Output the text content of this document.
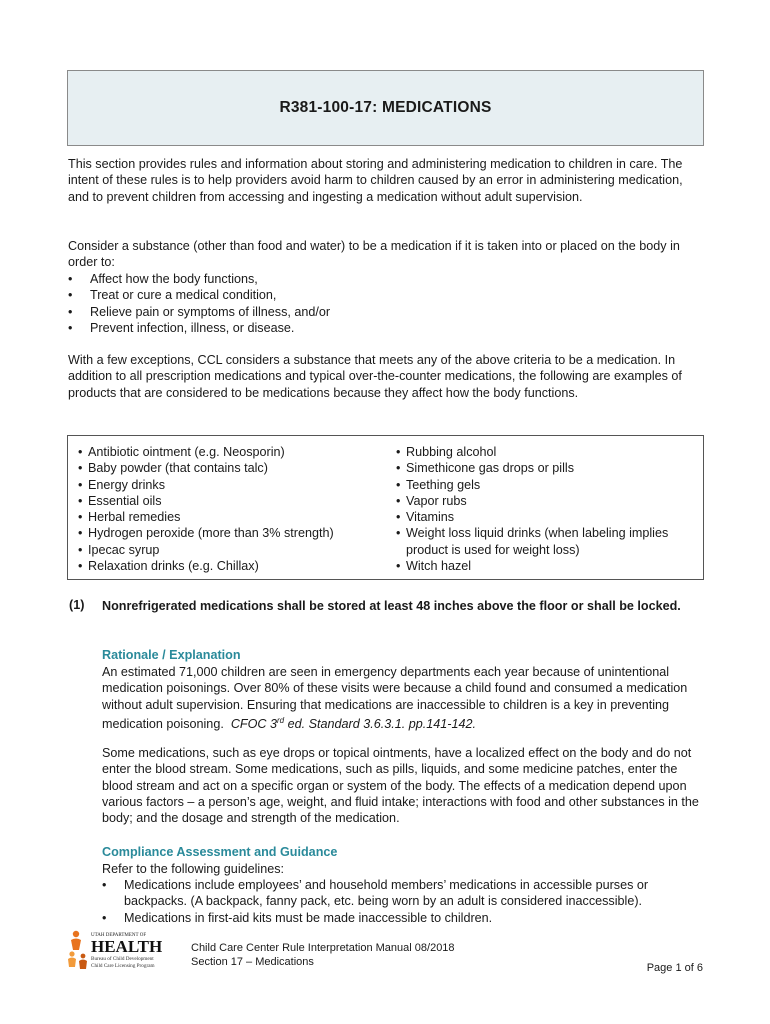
R381-100-17: MEDICATIONS

This section provides rules and information about storing and administering medication to children in care. The intent of these rules is to help providers avoid harm to children caused by an error in administering medication, and to prevent children from accessing and ingesting a medication without adult supervision.

Consider a substance (other than food and water) to be a medication if it is taken into or placed on the body in order to:

• Affect how the body functions,
• Treat or cure a medical condition,
• Relieve pain or symptoms of illness, and/or
• Prevent infection, illness, or disease.

With a few exceptions, CCL considers a substance that meets any of the above criteria to be a medication. In addition to all prescription medications and typical over-the-counter medications, the following are examples of products that are considered to be medications because they affect how the body functions.

• Antibiotic ointment (e.g. Neosporin)
• Baby powder (that contains talc)
• Energy drinks
• Essential oils
• Herbal remedies
• Hydrogen peroxide (more than 3% strength)
• Ipecac syrup
• Relaxation drinks (e.g. Chillax)
• Rubbing alcohol
• Simethicone gas drops or pills
• Teething gels
• Vapor rubs
• Vitamins
• Weight loss liquid drinks (when labeling implies product is used for weight loss)
• Witch hazel
(1) Nonrefrigerated medications shall be stored at least 48 inches above the floor or shall be locked.

Rationale / Explanation

An estimated 71,000 children are seen in emergency departments each year because of unintentional medication poisonings. Over 80% of these visits were because a child found and consumed a medication without adult supervision. Ensuring that medications are inaccessible to children is a key in preventing medication poisoning. CFOC 3rd ed. Standard 3.6.3.1. pp.141-142.

Some medications, such as eye drops or topical ointments, have a localized effect on the body and do not enter the blood stream. Some medications, such as pills, liquids, and some medicine patches, enter the blood stream and act on a specific organ or system of the body. The effects of a medication depend upon various factors – a person’s age, weight, and fluid intake; interactions with food and other substances in the body; and the dosage and strength of the medication.

Compliance Assessment and Guidance

Refer to the following guidelines:

• Medications include employees’ and household members’ medications in accessible purses or backpacks. (A backpack, fanny pack, etc. being worn by an adult is considered inaccessible).
• Medications in first-aid kits must be made inaccessible to children.
UTAH DEPARTMENT OF
HEALTH
Bureau of Child Development
Child Care Licensing Program
Child Care Center Rule Interpretation Manual 08/2018
Section 17 – Medications	Page 1 of 6
